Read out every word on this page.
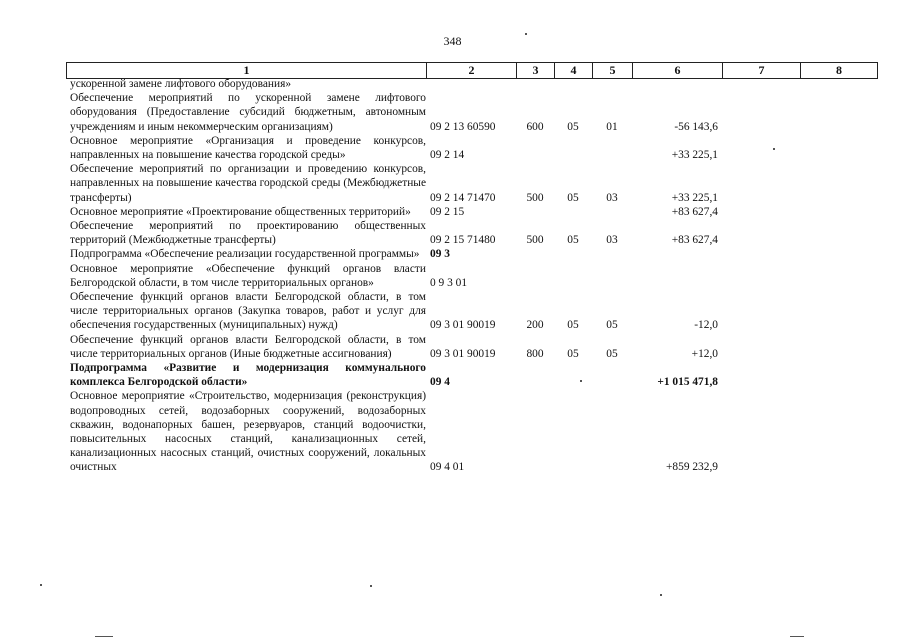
348
1	2	3	4	5	6	7	8
ускоренной замене лифтового оборудования»
Обеспечение мероприятий по ускоренной замене лифтового оборудования (Предоставление субсидий бюджетным, автономным учреждениям и иным некоммерческим организациям)	09 2 13 60590	600	05	01	-56 143,6
Основное мероприятие «Организация и проведение конкурсов, направленных на повышение качества городской среды»	09 2 14	+33 225,1
Обеспечение мероприятий по организации и проведению конкурсов, направленных на повышение качества городской среды (Межбюджетные трансферты)	09 2 14 71470	500	05	03	+33 225,1
Основное мероприятие «Проектирование общественных территорий»	09 2 15	+83 627,4
Обеспечение мероприятий по проектированию общественных территорий (Межбюджетные трансферты)	09 2 15 71480	500	05	03	+83 627,4
Подпрограмма «Обеспечение реализации государственной программы» 09 3
Основное мероприятие «Обеспечение функций органов власти Белгородской области, в том числе территориальных органов»	0 9 3 01
Обеспечение функций органов власти Белгородской области, в том числе территориальных органов (Закупка товаров, работ и услуг для обеспечения государственных (муниципальных) нужд)	09 3 01 90019	200	05	05	-12,0
Обеспечение функций органов власти Белгородской области, в том числе территориальных органов (Иные бюджетные ассигнования)	09 3 01 90019	800	05	05	+12,0
Подпрограмма «Развитие и модернизация коммунального комплекса Белгородской области»	09 4	+1 015 471,8
Основное мероприятие «Строительство, модернизация (реконструкция) водопроводных сетей, водозаборных сооружений, водозаборных скважин, водонапорных башен, резервуаров, станций водоочистки, повысительных насосных станций, канализационных сетей, канализационных насосных станций, очистных сооружений, локальных очистных	09 4 01	+859 232,9
